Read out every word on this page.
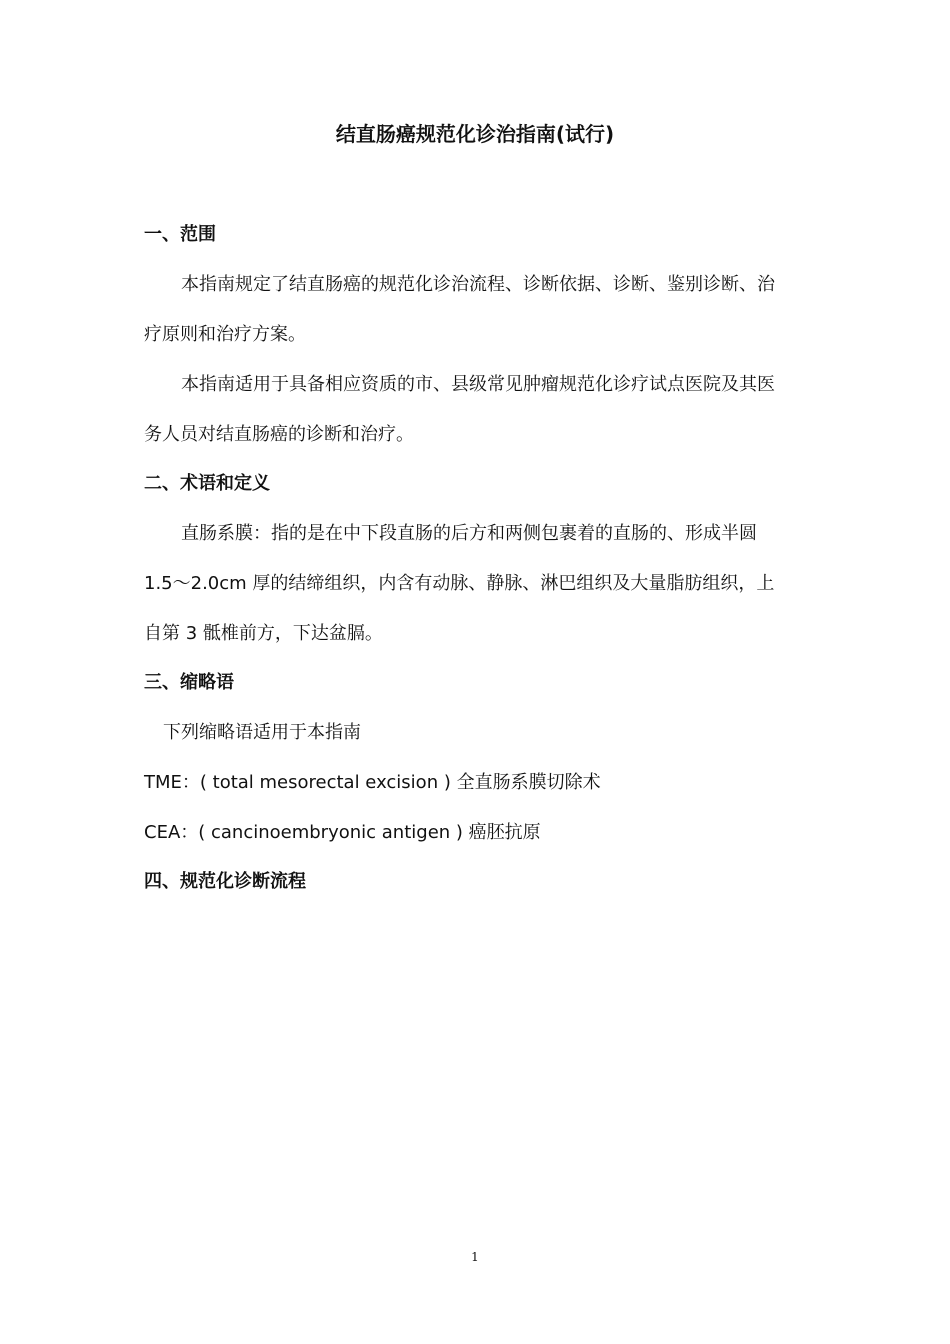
结直肠癌规范化诊治指南(试行)
一、范围
本指南规定了结直肠癌的规范化诊治流程、诊断依据、诊断、鉴别诊断、治
疗原则和治疗方案。
本指南适用于具备相应资质的市、县级常见肿瘤规范化诊疗试点医院及其医
务人员对结直肠癌的诊断和治疗。
二、术语和定义
直肠系膜：指的是在中下段直肠的后方和两侧包裹着的直肠的、形成半圆
1.5～2.0cm 厚的结缔组织，内含有动脉、静脉、淋巴组织及大量脂肪组织，上
自第 3 骶椎前方，下达盆膈。
三、缩略语
下列缩略语适用于本指南
TME：( total mesorectal excision ) 全直肠系膜切除术
CEA：( cancinoembryonic antigen ) 癌胚抗原
四、规范化诊断流程
1
